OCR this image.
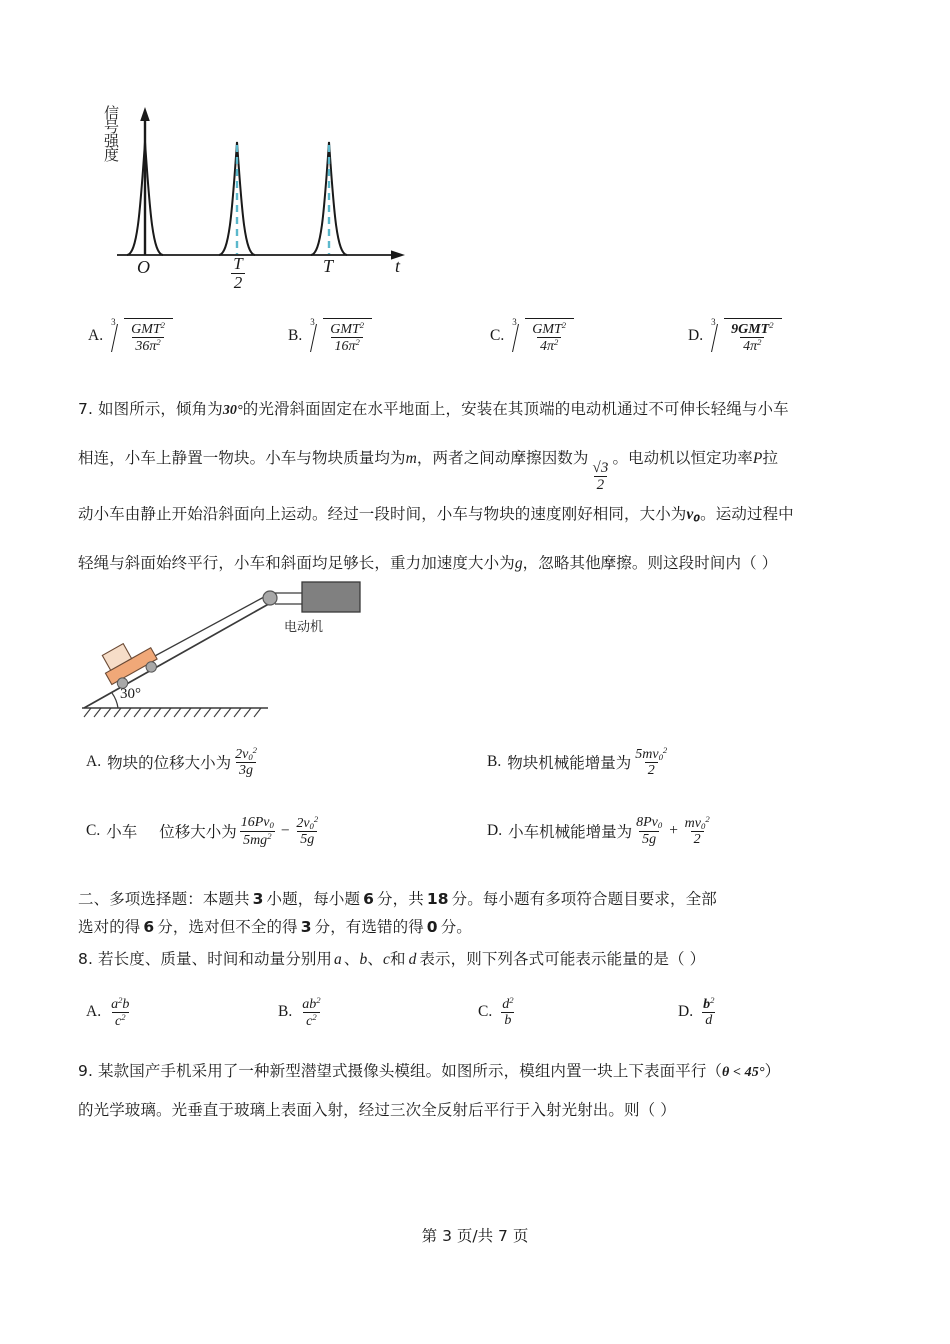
信号强度
O	$\frac{T}{2}$	T	t
A.
$3 \frac{GMT^2}{36\pi^2}$	B.
$3 \frac{GMT^2}{16\pi^2}$	C.
$3 \frac{GMT^2}{4\pi^2}$	D.
$3 \frac{9GMT^2}{4\pi^2}$
7. 如图所示，倾角为30°的光滑斜面固定在水平地面上，安装在其顶端的电动机通过不可伸长轻绳与小车
相连，小车上静置一物块。小车与物块质量均为m，两者之间动摩擦因数为
$\frac{√3}{2}$
。电动机以恒定功率P拉
动小车由静止开始沿斜面向上运动。经过一段时间，小车与物块的速度刚好相同，大小为$v_0$。运动过程中
轻绳与斜面始终平行，小车和斜面均足够长，重力加速度大小为g，忽略其他摩擦。则这段时间内（ ）
电动机
30°
A. 物块的位移大小为 $\frac{2v_0^2}{3g}$	B. 物块机械能增量为 $\frac{5mv_0^2}{2}$
C. 小车 位移大小为 $\frac{16Pv_0}{5mg^2} - \frac{2v_0^2}{5g}$	D. 小车机械能增量为 $\frac{8Pv_0}{5g} + \frac{mv_0^2}{2}$
二、多项选择题：本题共 3 小题，每小题 6 分，共 18 分。每小题有多项符合题目要求，全部
选对的得 6 分，选对但不全的得 3 分，有选错的得 0 分。
8. 若长度、质量、时间和动量分别用 a 、b、c和 d 表示，则下列各式可能表示能量的是（ ）
A. $\frac{a^2b}{c^2}$	B. $\frac{ab^2}{c^2}$	C. $\frac{d^2}{b}$	D. $\frac{b^2}{d}$
9. 某款国产手机采用了一种新型潜望式摄像头模组。如图所示，模组内置一块上下表面平行（θ < 45°）
的光学玻璃。光垂直于玻璃上表面入射，经过三次全反射后平行于入射光射出。则（ ）
第 3 页/共 7 页
